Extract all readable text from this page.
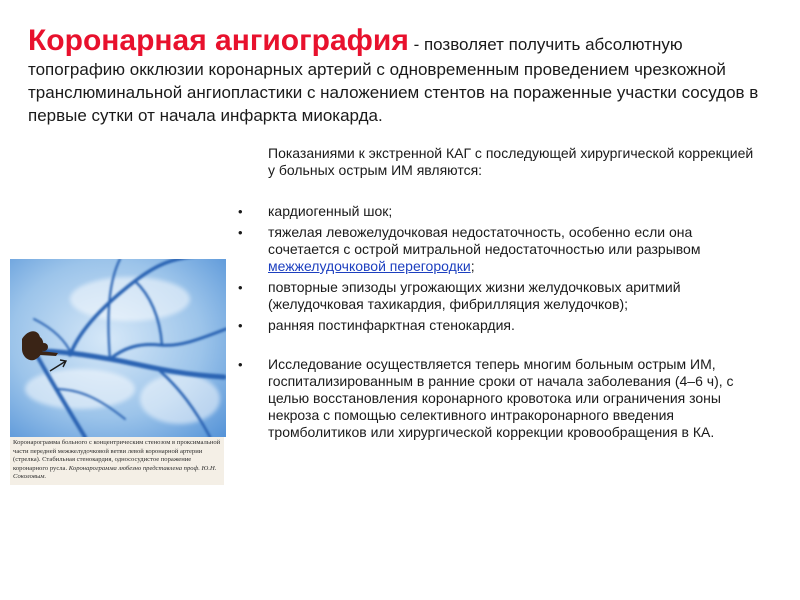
Коронарная ангиография - позволяет получить абсолютную топографию окклюзии коронарных артерий с одновременным проведением чрезкожной транслюминальной ангиопластики с наложением стентов на пораженные участки сосудов в первые сутки от начала инфаркта миокарда.
Коронарограмма больного с концентрическим стенозом в проксимальной части передней межжелудочковой ветви левой коронарной артерии (стрелка). Стабильная стенокардия, однососудистое поражение коронарного русла. Коронарограмма любезно представлена проф. Ю.Н. Соколовым.

Показаниями к экстренной КАГ с последующей хирургической коррекцией у больных острым ИМ являются:

•	кардиогенный шок;
•	тяжелая левожелудочковая недостаточность, особенно если она сочетается с острой митральной недостаточностью или разрывом межжелудочковой перегородки;
•	повторные эпизоды угрожающих жизни желудочковых аритмий (желудочковая тахикардия, фибрилляция желудочков);
•	ранняя постинфарктная стенокардия.
•	Исследование осуществляется теперь многим больным острым ИМ, госпитализированным в ранние сроки от начала заболевания (4–6 ч), с целью восстановления коронарного кровотока или ограничения зоны некроза с помощью селективного интракоронарного введения тромболитиков или хирургической коррекции кровообращения в КА.
